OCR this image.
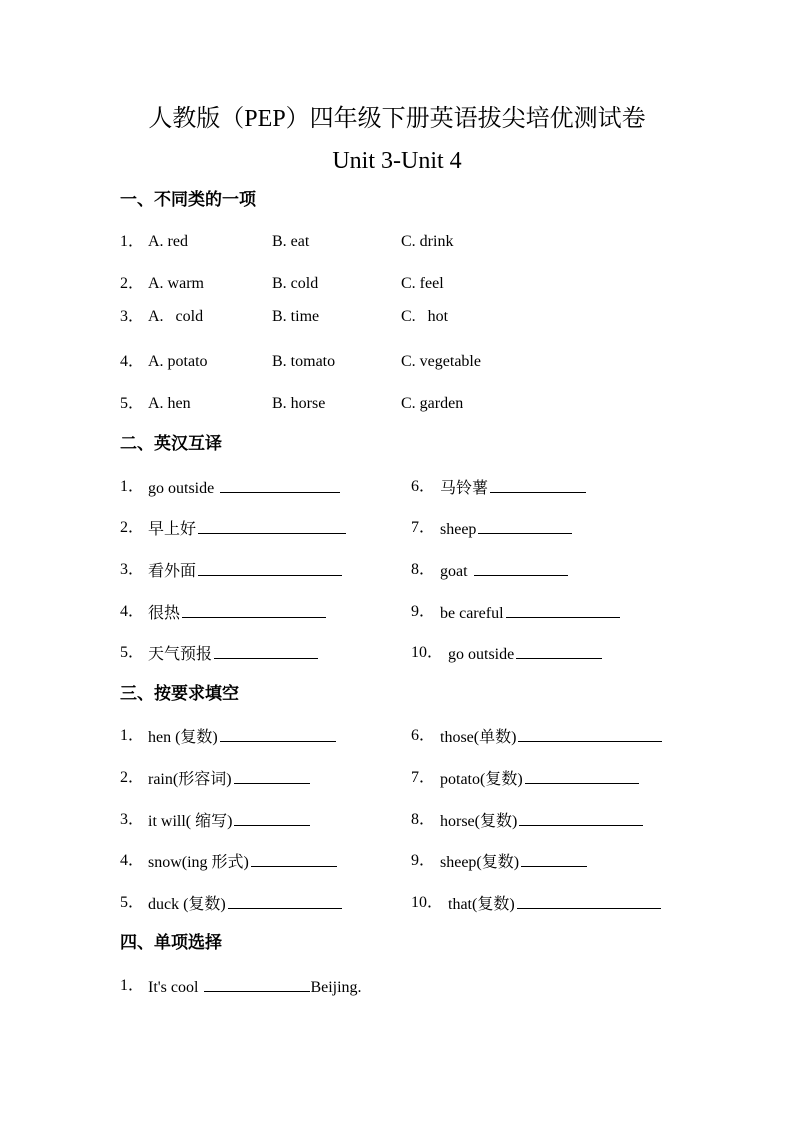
人教版（PEP）四年级下册英语拔尖培优测试卷
Unit 3-Unit 4
一、不同类的一项
1． A. red	B. eat	C. drink
2． A. warm	B. cold	C. feel
3． A.   cold	B. time	C.   hot
4． A. potato	B. tomato	C. vegetable
5． A. hen	B. horse	C. garden
二、英汉互译
1． go outside	6． 马铃薯
2． 早上好	7． sheep
3． 看外面	8． goat
4． 很热	9． be careful
5． 天气预报	10． go outside
三、按要求填空
1． hen (复数)	6． those(单数)
2． rain(形容词)	7． potato(复数)
3． it will( 缩写)	8． horse(复数)
4． snow(ing 形式)	9． sheep(复数)
5． duck (复数)	10． that(复数)
四、单项选择
1． It's cool	Beijing.
